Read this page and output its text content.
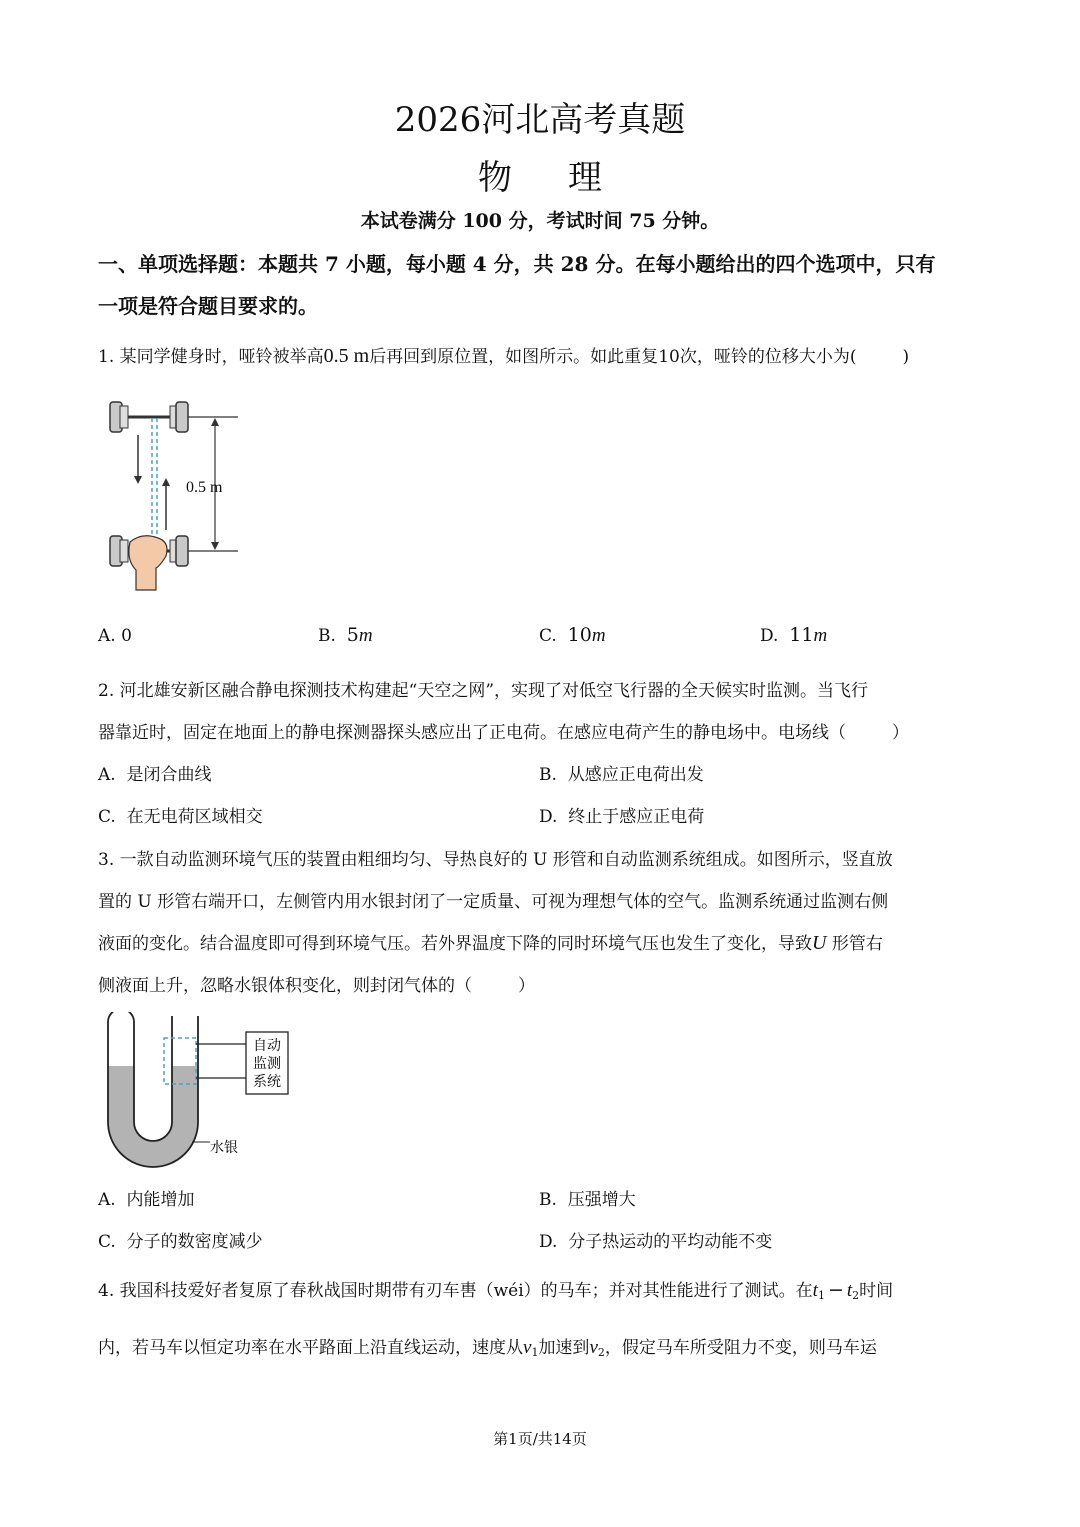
2026河北高考真题
物理
本试卷满分 100 分，考试时间 75 分钟。
一、单项选择题：本题共 7 小题，每小题 4 分，共 28 分。在每小题给出的四个选项中，只有
一项是符合题目要求的。
1. 某同学健身时，哑铃被举高0.5 m后再回到原位置，如图所示。如此重复10次，哑铃的位移大小为(	)
0.5 m
A. 0	B. 5m	C. 10m	D. 11m
2. 河北雄安新区融合静电探测技术构建起“天空之网”，实现了对低空飞行器的全天候实时监测。当飞行
器靠近时，固定在地面上的静电探测器探头感应出了正电荷。在感应电荷产生的静电场中。电场线（	）
A. 是闭合曲线	B. 从感应正电荷出发
C. 在无电荷区域相交	D. 终止于感应正电荷
3. 一款自动监测环境气压的装置由粗细均匀、导热良好的 U 形管和自动监测系统组成。如图所示，竖直放
置的 U 形管右端开口，左侧管内用水银封闭了一定质量、可视为理想气体的空气。监测系统通过监测右侧
液面的变化。结合温度即可得到环境气压。若外界温度下降的同时环境气压也发生了变化，导致U 形管右
侧液面上升，忽略水银体积变化，则封闭气体的（	）
自动
监测
系统
水银
A. 内能增加	B. 压强增大
C. 分子的数密度减少	D. 分子热运动的平均动能不变
4. 我国科技爱好者复原了春秋战国时期带有刃车軎（wéi）的马车；并对其性能进行了测试。在$t_1 - t_2$时间
内，若马车以恒定功率在水平路面上沿直线运动，速度从$v_1$加速到$v_2$，假定马车所受阻力不变，则马车运
第1页/共14页
